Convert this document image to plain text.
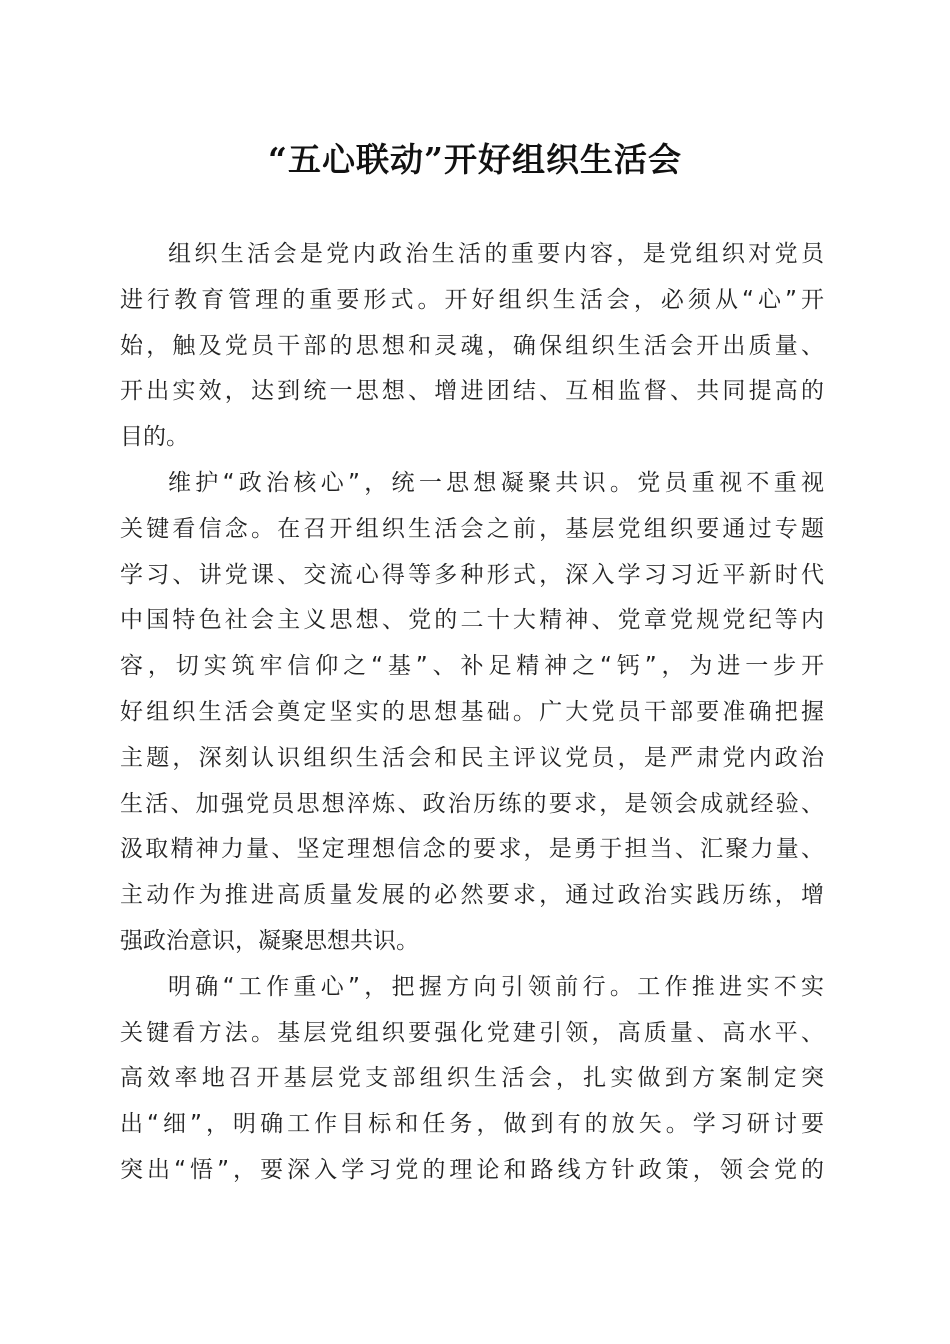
“五心联动”开好组织生活会
组织生活会是党内政治生活的重要内容，是党组织对党员
进行教育管理的重要形式。开好组织生活会，必须从“心”开
始，触及党员干部的思想和灵魂，确保组织生活会开出质量、
开出实效，达到统一思想、增进团结、互相监督、共同提高的
目的。
维护“政治核心”，统一思想凝聚共识。党员重视不重视
关键看信念。在召开组织生活会之前，基层党组织要通过专题
学习、讲党课、交流心得等多种形式，深入学习习近平新时代
中国特色社会主义思想、党的二十大精神、党章党规党纪等内
容，切实筑牢信仰之“基”、补足精神之“钙”，为进一步开
好组织生活会奠定坚实的思想基础。广大党员干部要准确把握
主题，深刻认识组织生活会和民主评议党员，是严肃党内政治
生活、加强党员思想淬炼、政治历练的要求，是领会成就经验、
汲取精神力量、坚定理想信念的要求，是勇于担当、汇聚力量、
主动作为推进高质量发展的必然要求，通过政治实践历练，增
强政治意识，凝聚思想共识。
明确“工作重心”，把握方向引领前行。工作推进实不实
关键看方法。基层党组织要强化党建引领，高质量、高水平、
高效率地召开基层党支部组织生活会，扎实做到方案制定突
出“细”，明确工作目标和任务，做到有的放矢。学习研讨要
突出“悟”，要深入学习党的理论和路线方针政策，领会党的
